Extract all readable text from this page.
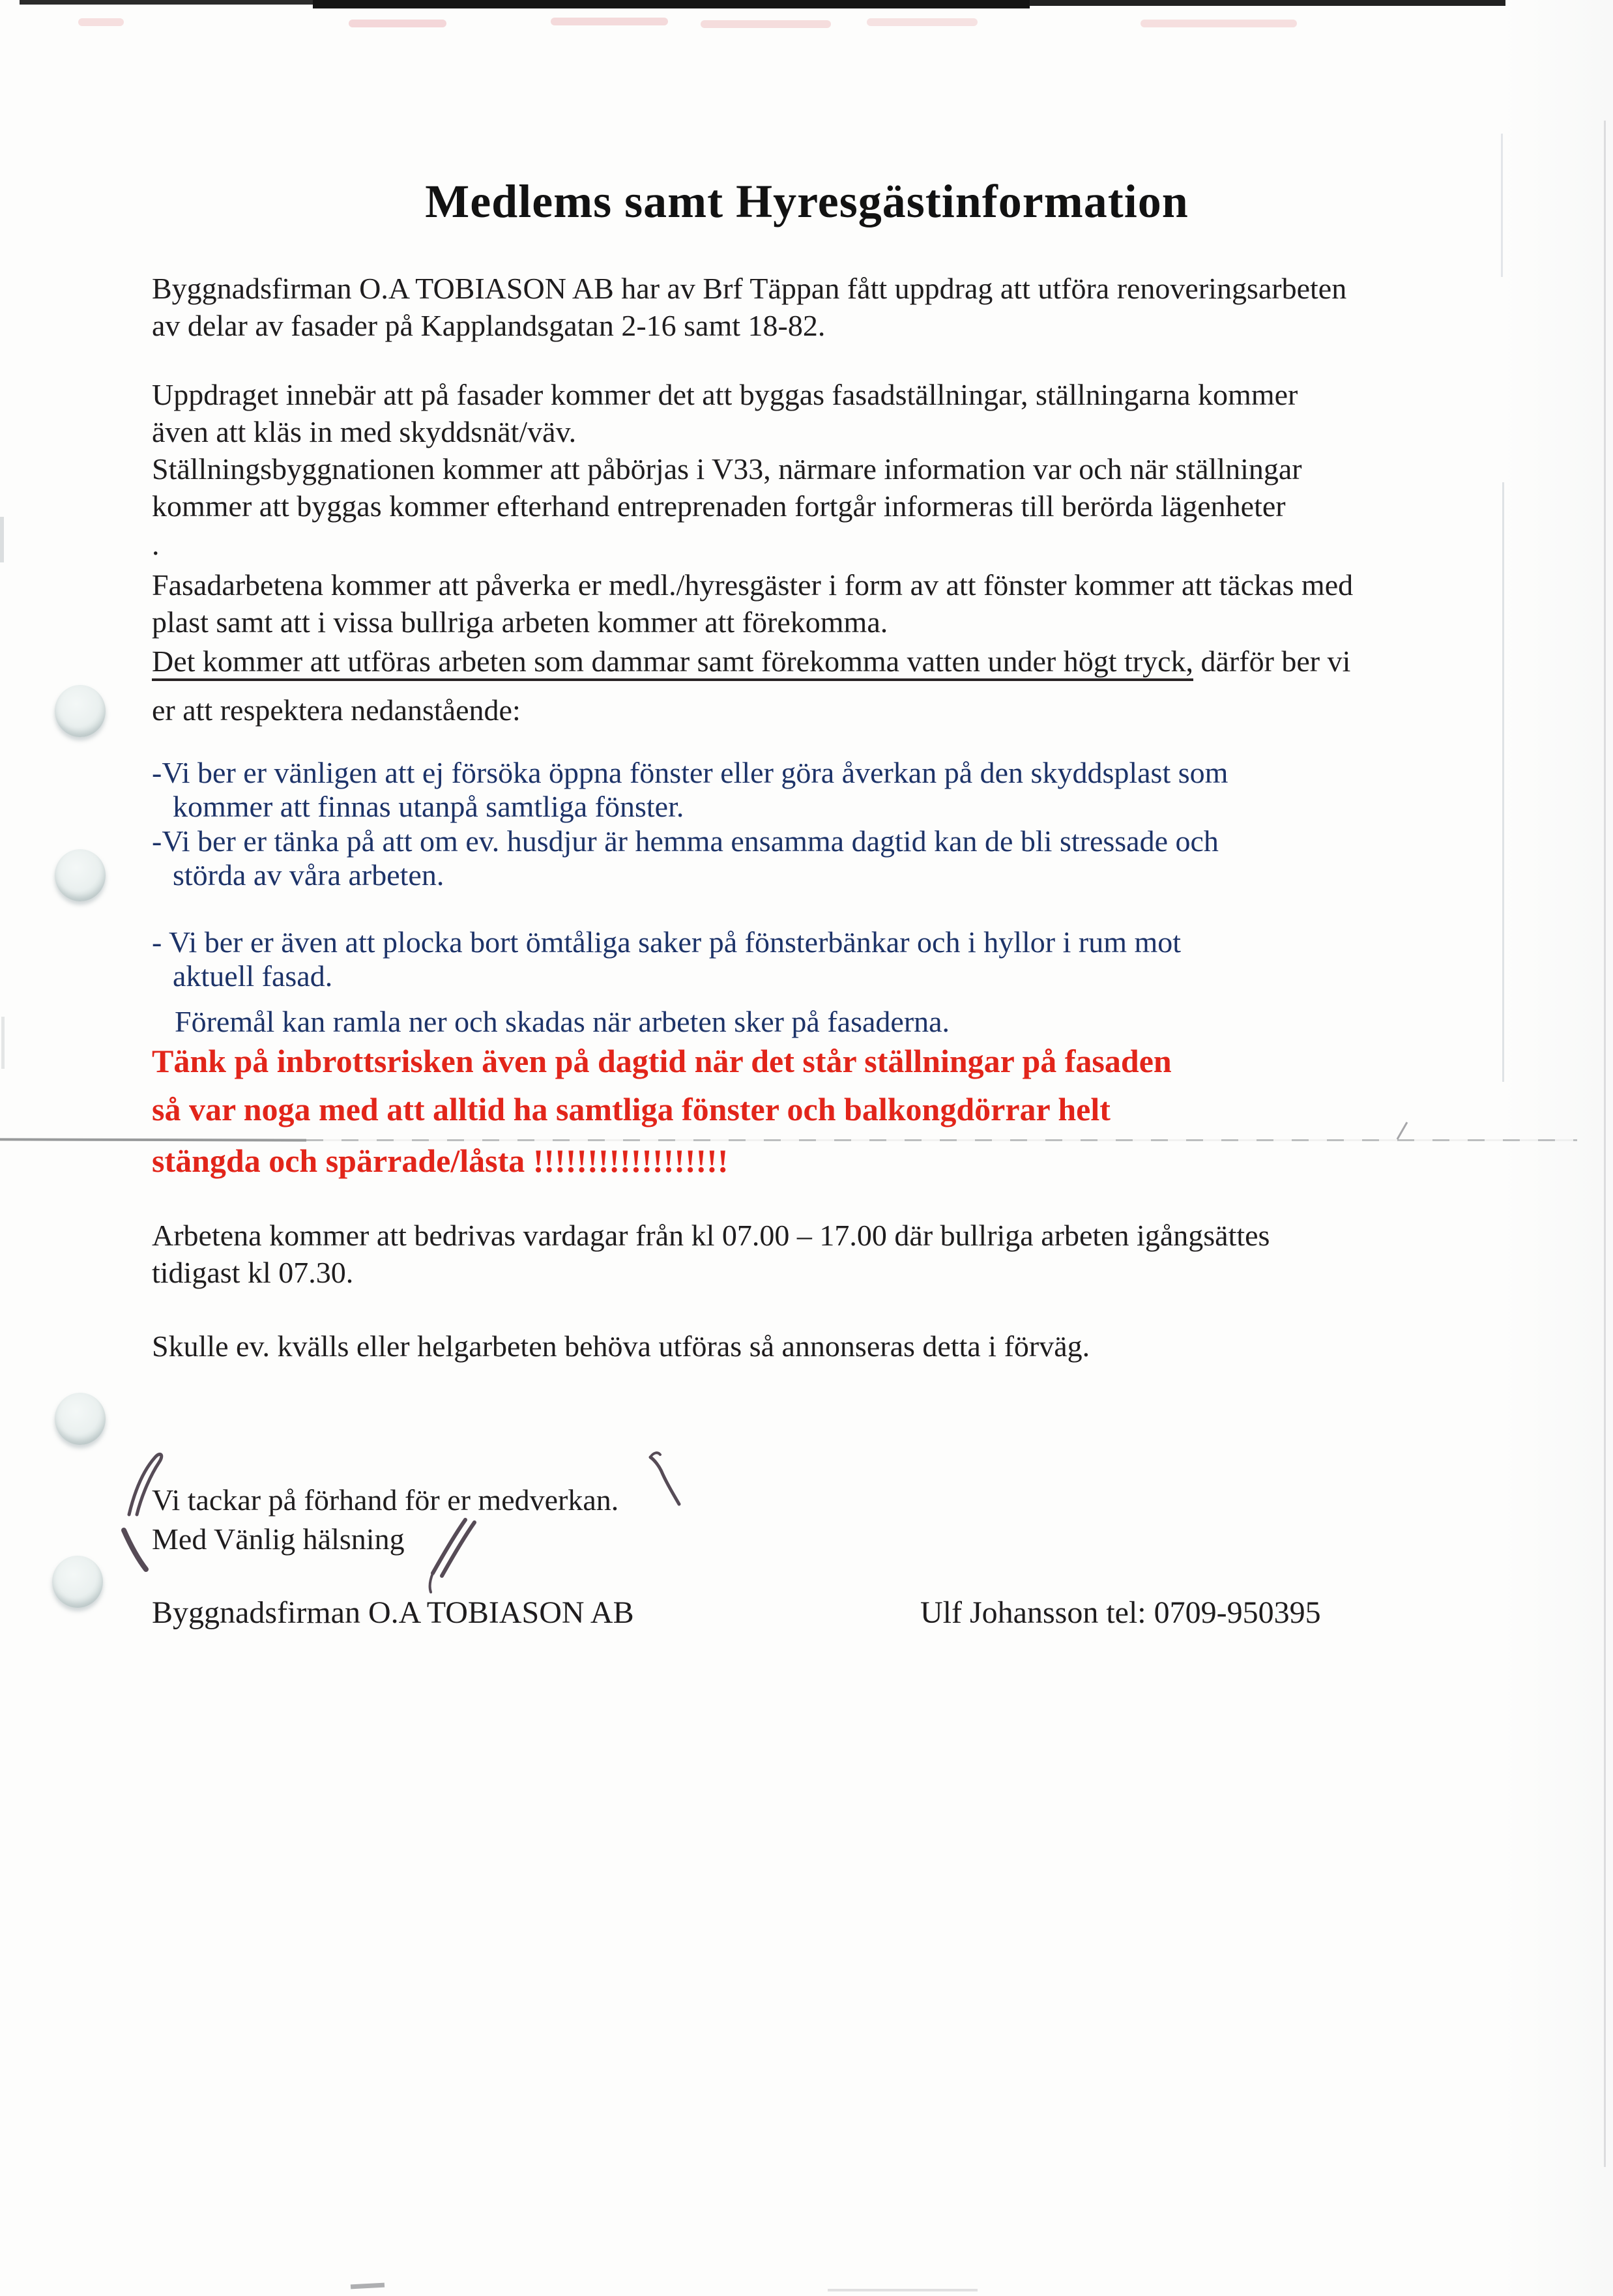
Medlems samt Hyresgästinformation
Byggnadsfirman O.A TOBIASON AB har av Brf Täppan fått uppdrag att utföra renoveringsarbeten
av delar av fasader på Kapplandsgatan 2-16 samt 18-82.
Uppdraget innebär att på fasader kommer det att byggas fasadställningar, ställningarna kommer
även att kläs in med skyddsnät/väv.
Ställningsbyggnationen kommer att påbörjas i V33, närmare information var och när ställningar
kommer att byggas kommer efterhand entreprenaden fortgår informeras till berörda lägenheter
.
Fasadarbetena kommer att påverka er medl./hyresgäster i form av att fönster kommer att täckas med
plast samt att i vissa bullriga arbeten kommer att förekomma.
Det kommer att utföras arbeten som dammar samt förekomma vatten under högt tryck, därför ber vi
er att respektera nedanstående:
-Vi ber er vänligen att ej försöka öppna fönster eller göra åverkan på den skyddsplast som
kommer att finnas utanpå samtliga fönster.
-Vi ber er tänka på att om ev. husdjur är hemma ensamma dagtid kan de bli stressade och
störda av våra arbeten.
- Vi ber er även att plocka bort ömtåliga saker på fönsterbänkar och i hyllor i rum mot
aktuell fasad.
Föremål kan ramla ner och skadas när arbeten sker på fasaderna.
Tänk på inbrottsrisken även på dagtid när det står ställningar på fasaden
så var noga med att alltid ha samtliga fönster och balkongdörrar helt
stängda och spärrade/låsta !!!!!!!!!!!!!!!!!!
Arbetena kommer att bedrivas vardagar från kl 07.00 – 17.00 där bullriga arbeten igångsättes
tidigast kl 07.30.
Skulle ev. kvälls eller helgarbeten behöva utföras så annonseras detta i förväg.
Vi tackar på förhand för er medverkan.
Med Vänlig hälsning
Byggnadsfirman O.A TOBIASON AB	Ulf Johansson tel: 0709-950395
